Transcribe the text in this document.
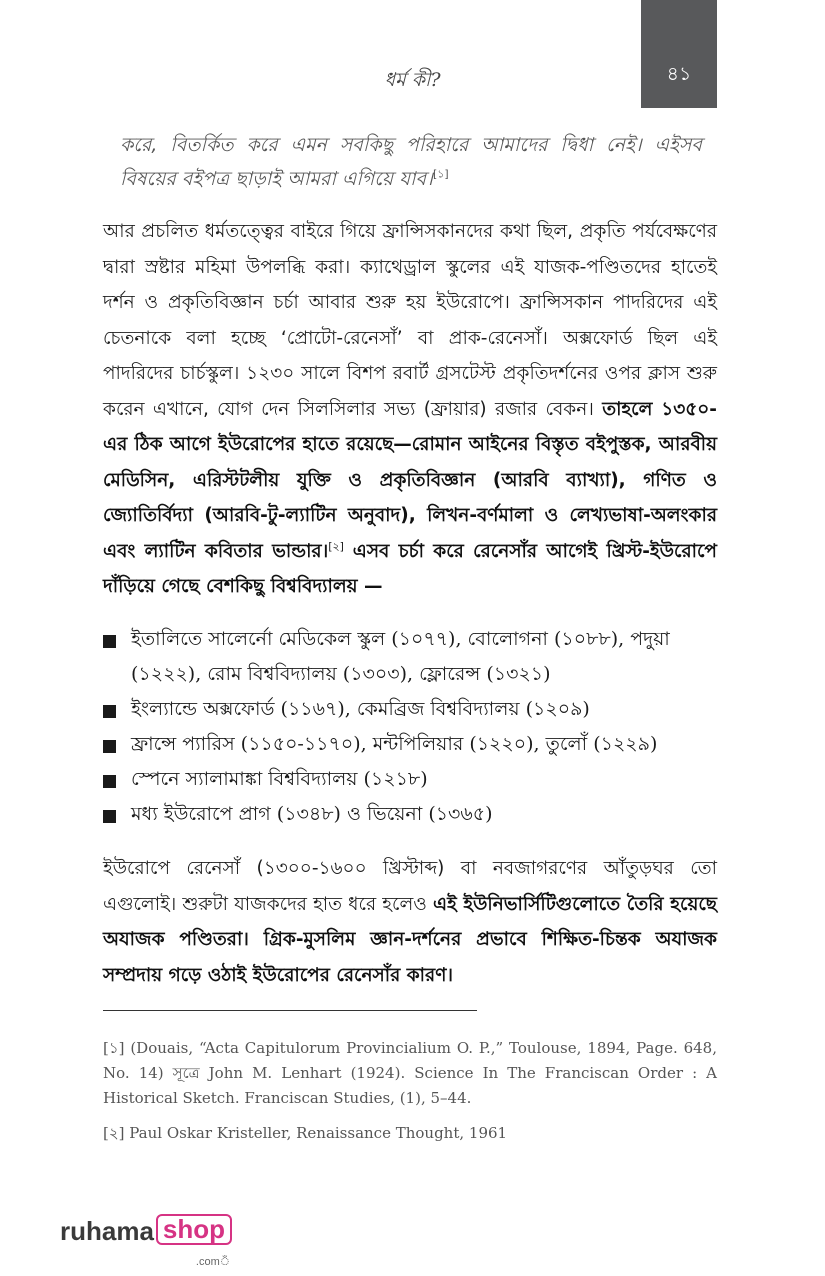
৪১
ধর্ম কী?

করে, বিতর্কিত করে এমন সবকিছু পরিহারে আমাদের দ্বিধা নেই। এইসব বিষয়ের বইপত্র ছাড়াই আমরা এগিয়ে যাব।[১]

আর প্রচলিত ধর্মতত্ত্বের বাইরে গিয়ে ফ্রান্সিসকানদের কথা ছিল, প্রকৃতি পর্যবেক্ষণের দ্বারা স্রষ্টার মহিমা উপলব্ধি করা। ক্যাথেড্রাল স্কুলের এই যাজক-পণ্ডিতদের হাতেই দর্শন ও প্রকৃতিবিজ্ঞান চর্চা আবার শুরু হয় ইউরোপে। ফ্রান্সিসকান পাদরিদের এই চেতনাকে বলা হচ্ছে ‘প্রোটো-রেনেসাঁ’ বা প্রাক-রেনেসাঁ। অক্সফোর্ড ছিল এই পাদরিদের চার্চস্কুল। ১২৩০ সালে বিশপ রবার্ট গ্রসটেস্ট প্রকৃতিদর্শনের ওপর ক্লাস শুরু করেন এখানে, যোগ দেন সিলসিলার সভ্য (ফ্রায়ার) রজার বেকন। তাহলে ১৩৫০-এর ঠিক আগে ইউরোপের হাতে রয়েছে—রোমান আইনের বিস্তৃত বইপুস্তক, আরবীয় মেডিসিন, এরিস্টটলীয় যুক্তি ও প্রকৃতিবিজ্ঞান (আরবি ব্যাখ্যা), গণিত ও জ্যোতির্বিদ্যা (আরবি-টু-ল্যাটিন অনুবাদ), লিখন-বর্ণমালা ও লেখ্যভাষা-অলংকার এবং ল্যাটিন কবিতার ভান্ডার।[২] এসব চর্চা করে রেনেসাঁর আগেই খ্রিস্ট-ইউরোপে দাঁড়িয়ে গেছে বেশকিছু বিশ্ববিদ্যালয় —

ইতালিতে সালের্নো মেডিকেল স্কুল (১০৭৭), বোলোগনা (১০৮৮), পদুয়া (১২২২), রোম বিশ্ববিদ্যালয় (১৩০৩), ফ্লোরেন্স (১৩২১)
ইংল্যান্ডে অক্সফোর্ড (১১৬৭), কেমব্রিজ বিশ্ববিদ্যালয় (১২০৯)
ফ্রান্সে প্যারিস (১১৫০-১১৭০), মন্টপিলিয়ার (১২২০), তুলোঁ (১২২৯)
স্পেনে স্যালামাঙ্কা বিশ্ববিদ্যালয় (১২১৮)
মধ্য ইউরোপে প্রাগ (১৩৪৮) ও ভিয়েনা (১৩৬৫)

ইউরোপে রেনেসাঁ (১৩০০-১৬০০ খ্রিস্টাব্দ) বা নবজাগরণের আঁতুড়ঘর তো এগুলোই। শুরুটা যাজকদের হাত ধরে হলেও এই ইউনিভার্সিটিগুলোতে তৈরি হয়েছে অযাজক পণ্ডিতরা। গ্রিক-মুসলিম জ্ঞান-দর্শনের প্রভাবে শিক্ষিত-চিন্তক অযাজক সম্প্রদায় গড়ে ওঠাই ইউরোপের রেনেসাঁর কারণ।

[১] (Douais, “Acta Capitulorum Provincialium O. P.,” Toulouse, 1894, Page. 648, No. 14) সূত্রে John M. Lenhart (1924). Science In The Franciscan Order : A Historical Sketch. Franciscan Studies, (1), 5–44.

[২] Paul Oskar Kristeller, Renaissance Thought, 1961

ruhama shop
.comঁ
